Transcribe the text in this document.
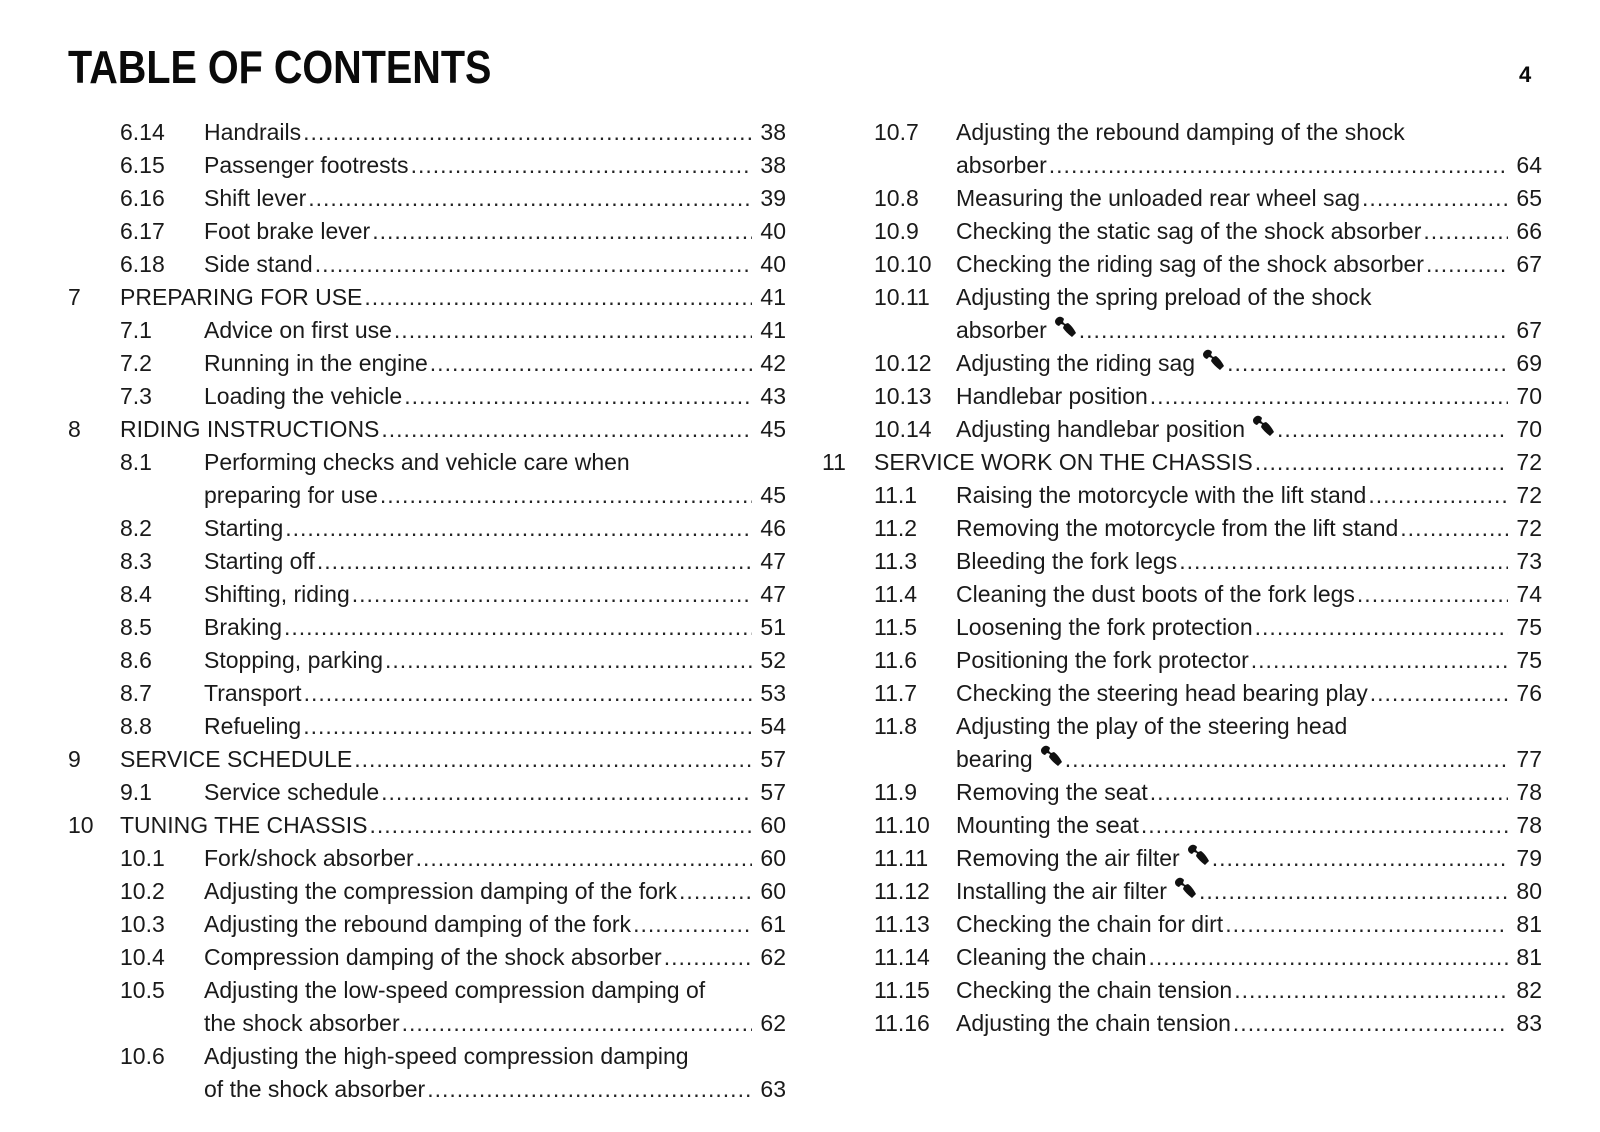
TABLE OF CONTENTS	4
6.14 Handrails .....	38
6.15 Passenger footrests .....	38
6.16 Shift lever .....	39
6.17 Foot brake lever .....	40
6.18 Side stand .....	40
7 PREPARING FOR USE .....	41
7.1 Advice on first use .....	41
7.2 Running in the engine .....	42
7.3 Loading the vehicle .....	43
8 RIDING INSTRUCTIONS .....	45
8.1 Performing checks and vehicle care when
preparing for use .....	45
8.2 Starting .....	46
8.3 Starting off .....	47
8.4 Shifting, riding .....	47
8.5 Braking .....	51
8.6 Stopping, parking .....	52
8.7 Transport .....	53
8.8 Refueling .....	54
9 SERVICE SCHEDULE .....	57
9.1 Service schedule .....	57
10 TUNING THE CHASSIS .....	60
10.1 Fork/shock absorber .....	60
10.2 Adjusting the compression damping of the fork .....	60
10.3 Adjusting the rebound damping of the fork .....	61
10.4 Compression damping of the shock absorber .....	62
10.5 Adjusting the low-speed compression damping of
the shock absorber .....	62
10.6 Adjusting the high-speed compression damping
of the shock absorber .....	63
10.7 Adjusting the rebound damping of the shock
absorber .....	64
10.8 Measuring the unloaded rear wheel sag .....	65
10.9 Checking the static sag of the shock absorber .....	66
10.10 Checking the riding sag of the shock absorber .....	67
10.11 Adjusting the spring preload of the shock
absorber .....	67
10.12 Adjusting the riding sag .....	69
10.13 Handlebar position .....	70
10.14 Adjusting handlebar position .....	70
11 SERVICE WORK ON THE CHASSIS .....	72
11.1 Raising the motorcycle with the lift stand .....	72
11.2 Removing the motorcycle from the lift stand .....	72
11.3 Bleeding the fork legs .....	73
11.4 Cleaning the dust boots of the fork legs .....	74
11.5 Loosening the fork protection .....	75
11.6 Positioning the fork protector .....	75
11.7 Checking the steering head bearing play .....	76
11.8 Adjusting the play of the steering head
bearing .....	77
11.9 Removing the seat .....	78
11.10 Mounting the seat .....	78
11.11 Removing the air filter .....	79
11.12 Installing the air filter .....	80
11.13 Checking the chain for dirt .....	81
11.14 Cleaning the chain .....	81
11.15 Checking the chain tension .....	82
11.16 Adjusting the chain tension .....	83
